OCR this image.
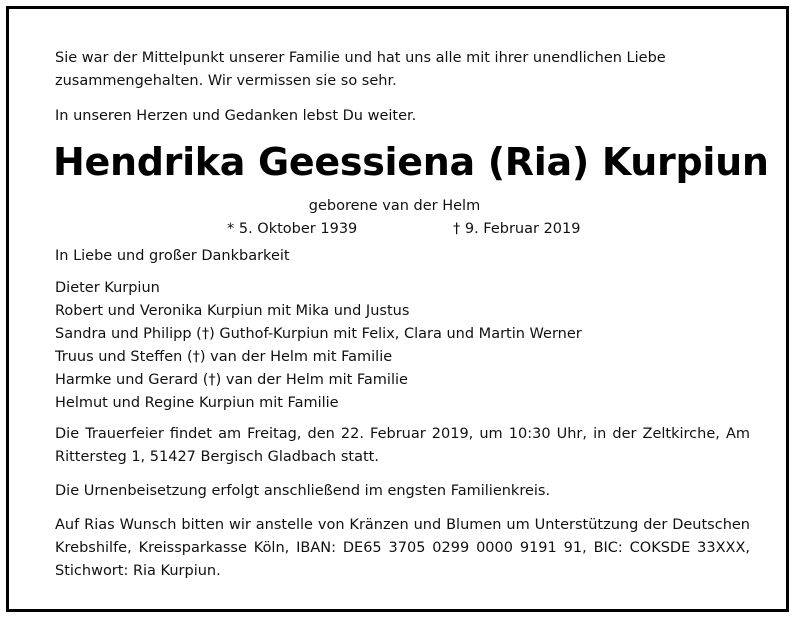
Sie war der Mittelpunkt unserer Familie und hat uns alle mit ihrer unendlichen Liebe zusammengehalten. Wir vermissen sie so sehr.

In unseren Herzen und Gedanken lebst Du weiter.

Hendrika Geessiena (Ria) Kurpiun
geborene van der Helm
* 5. Oktober 1939	† 9. Februar 2019

In Liebe und großer Dankbarkeit

Dieter Kurpiun
Robert und Veronika Kurpiun mit Mika und Justus
Sandra und Philipp (†) Guthof-Kurpiun mit Felix, Clara und Martin Werner
Truus und Steffen (†) van der Helm mit Familie
Harmke und Gerard (†) van der Helm mit Familie
Helmut und Regine Kurpiun mit Familie

Die Trauerfeier findet am Freitag, den 22. Februar 2019, um 10:30 Uhr, in der Zeltkirche, Am Rittersteg 1, 51427 Bergisch Gladbach statt.

Die Urnenbeisetzung erfolgt anschließend im engsten Familienkreis.

Auf Rias Wunsch bitten wir anstelle von Kränzen und Blumen um Unterstützung der Deutschen Krebshilfe, Kreissparkasse Köln, IBAN: DE65 3705 0299 0000 9191 91, BIC: COKSDE 33XXX, Stichwort: Ria Kurpiun.
